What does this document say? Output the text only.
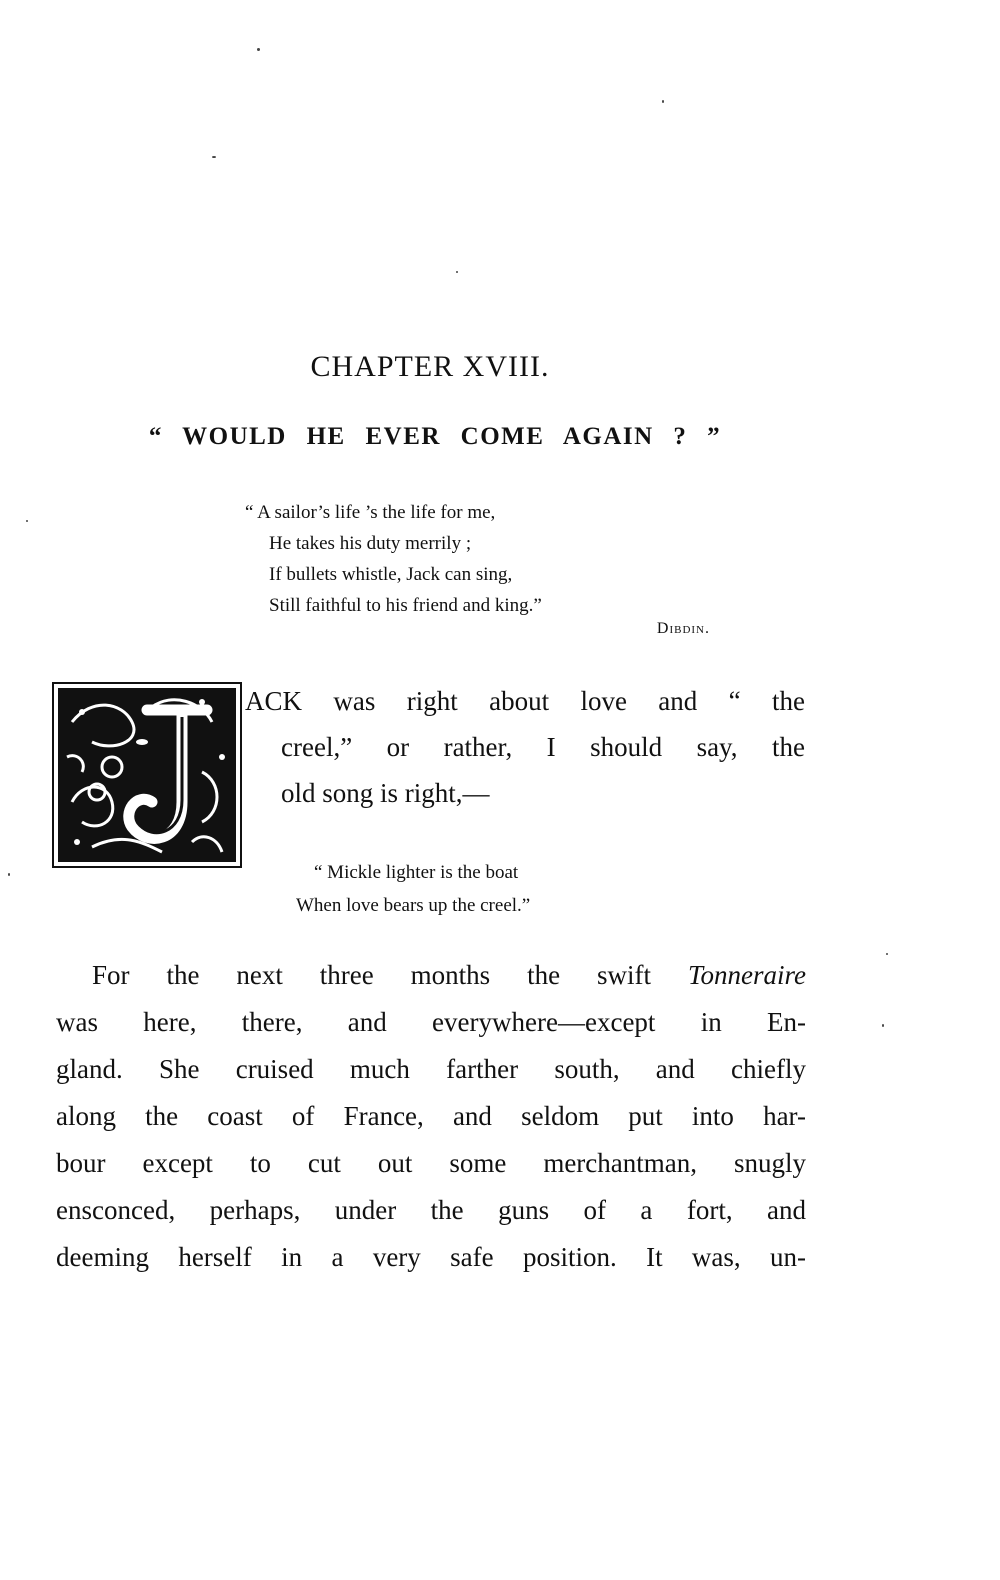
CHAPTER XVIII.
“ WOULD HE EVER COME AGAIN ? ”
“ A sailor’s life ’s the life for me,
He takes his duty merrily ;
If bullets whistle, Jack can sing,
Still faithful to his friend and king.”
Dibdin.
J
ACK was right about love and “ the
creel,” or rather, I should say, the
old song is right,—
“ Mickle lighter is the boat
When love bears up the creel.”
For the next three months the swift Tonneraire
was here, there, and everywhere—except in En-
gland. She cruised much farther south, and chiefly
along the coast of France, and seldom put into har-
bour except to cut out some merchantman, snugly
ensconced, perhaps, under the guns of a fort, and
deeming herself in a very safe position. It was, un-
